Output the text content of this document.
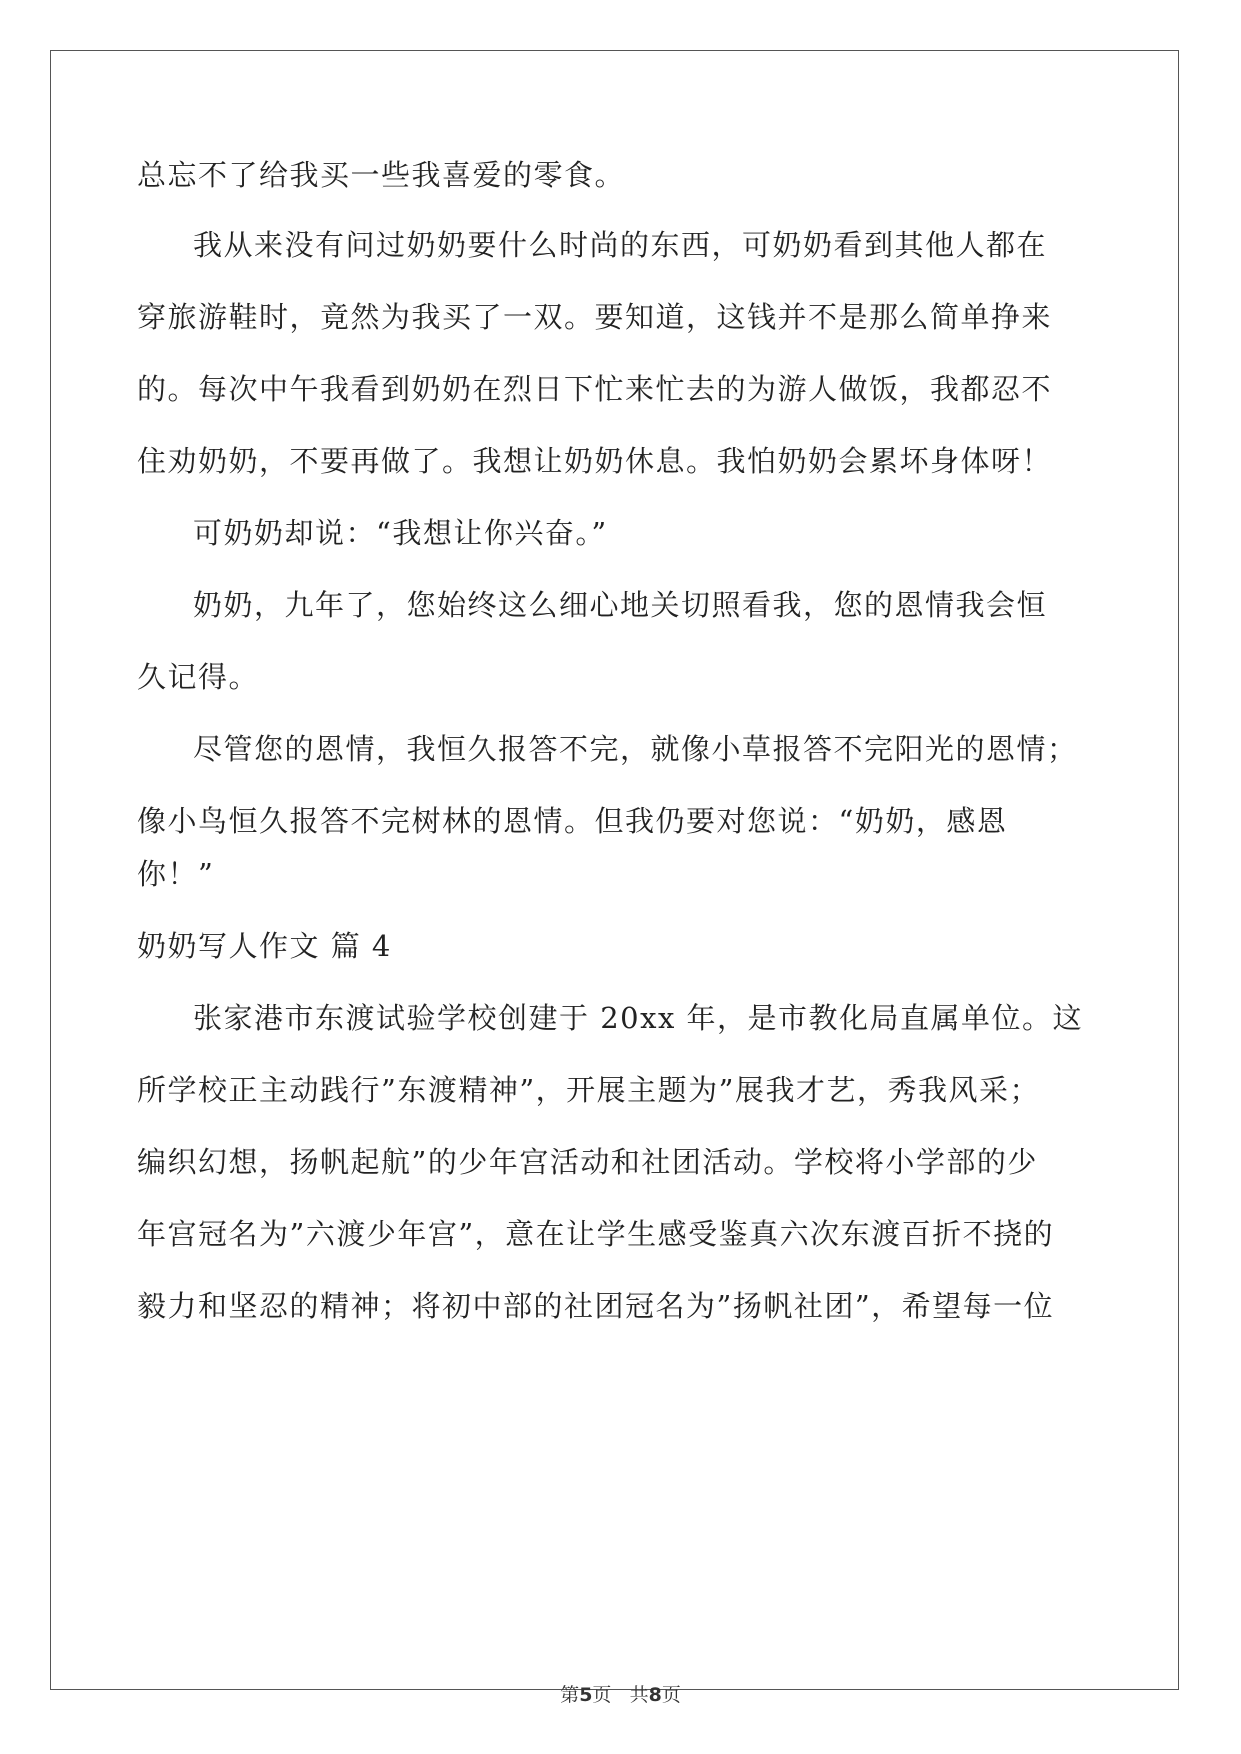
总忘不了给我买一些我喜爱的零食。
我从来没有问过奶奶要什么时尚的东西，可奶奶看到其他人都在
穿旅游鞋时，竟然为我买了一双。要知道，这钱并不是那么简单挣来
的。每次中午我看到奶奶在烈日下忙来忙去的为游人做饭，我都忍不
住劝奶奶，不要再做了。我想让奶奶休息。我怕奶奶会累坏身体呀！
可奶奶却说：“我想让你兴奋。”
奶奶，九年了，您始终这么细心地关切照看我，您的恩情我会恒
久记得。
尽管您的恩情，我恒久报答不完，就像小草报答不完阳光的恩情；
像小鸟恒久报答不完树林的恩情。但我仍要对您说：“奶奶，感恩
你！”
奶奶写人作文 篇 4
张家港市东渡试验学校创建于 20xx 年，是市教化局直属单位。这
所学校正主动践行”东渡精神”，开展主题为”展我才艺，秀我风采；
编织幻想，扬帆起航”的少年宫活动和社团活动。学校将小学部的少
年宫冠名为”六渡少年宫”，意在让学生感受鉴真六次东渡百折不挠的
毅力和坚忍的精神；将初中部的社团冠名为”扬帆社团”，希望每一位
第5页 共8页
